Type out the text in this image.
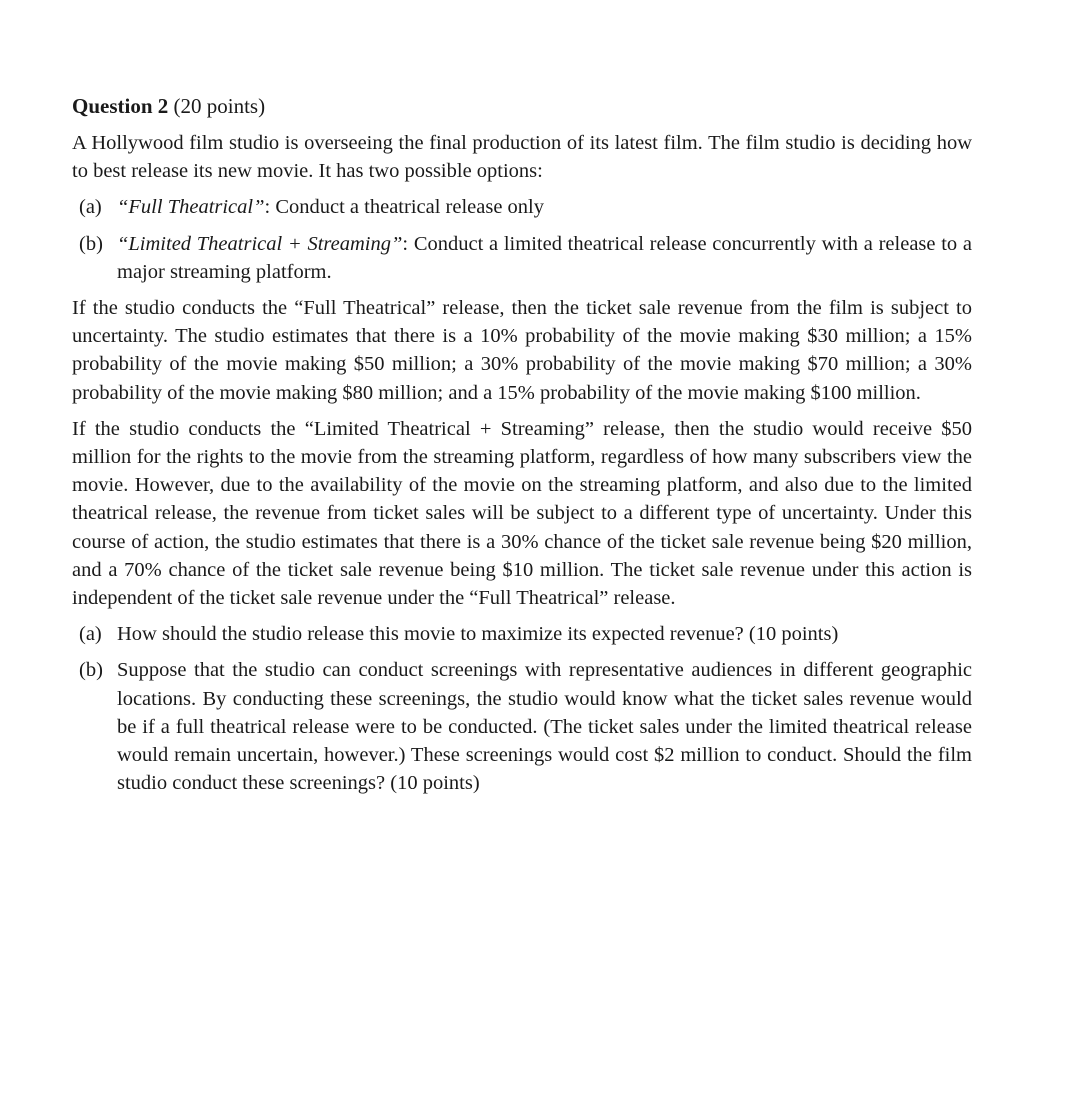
Question 2 (20 points)

A Hollywood film studio is overseeing the final production of its latest film. The film studio is deciding how to best release its new movie. It has two possible options:

(a) “Full Theatrical”: Conduct a theatrical release only
(b) “Limited Theatrical + Streaming”: Conduct a limited theatrical release concurrently with a release to a major streaming platform.

If the studio conducts the “Full Theatrical” release, then the ticket sale revenue from the film is subject to uncertainty. The studio estimates that there is a 10% probability of the movie making $30 million; a 15% probability of the movie making $50 million; a 30% probability of the movie making $70 million; a 30% probability of the movie making $80 million; and a 15% probability of the movie making $100 million.

If the studio conducts the “Limited Theatrical + Streaming” release, then the studio would receive $50 million for the rights to the movie from the streaming platform, regardless of how many subscribers view the movie. However, due to the availability of the movie on the streaming platform, and also due to the limited theatrical release, the revenue from ticket sales will be subject to a different type of uncertainty. Under this course of action, the studio estimates that there is a 30% chance of the ticket sale revenue being $20 million, and a 70% chance of the ticket sale revenue being $10 million. The ticket sale revenue under this action is independent of the ticket sale revenue under the “Full Theatrical” release.

(a) How should the studio release this movie to maximize its expected revenue? (10 points)
(b) Suppose that the studio can conduct screenings with representative audiences in different geographic locations. By conducting these screenings, the studio would know what the ticket sales revenue would be if a full theatrical release were to be conducted. (The ticket sales under the limited theatrical release would remain uncertain, however.) These screenings would cost $2 million to conduct. Should the film studio conduct these screenings? (10 points)
